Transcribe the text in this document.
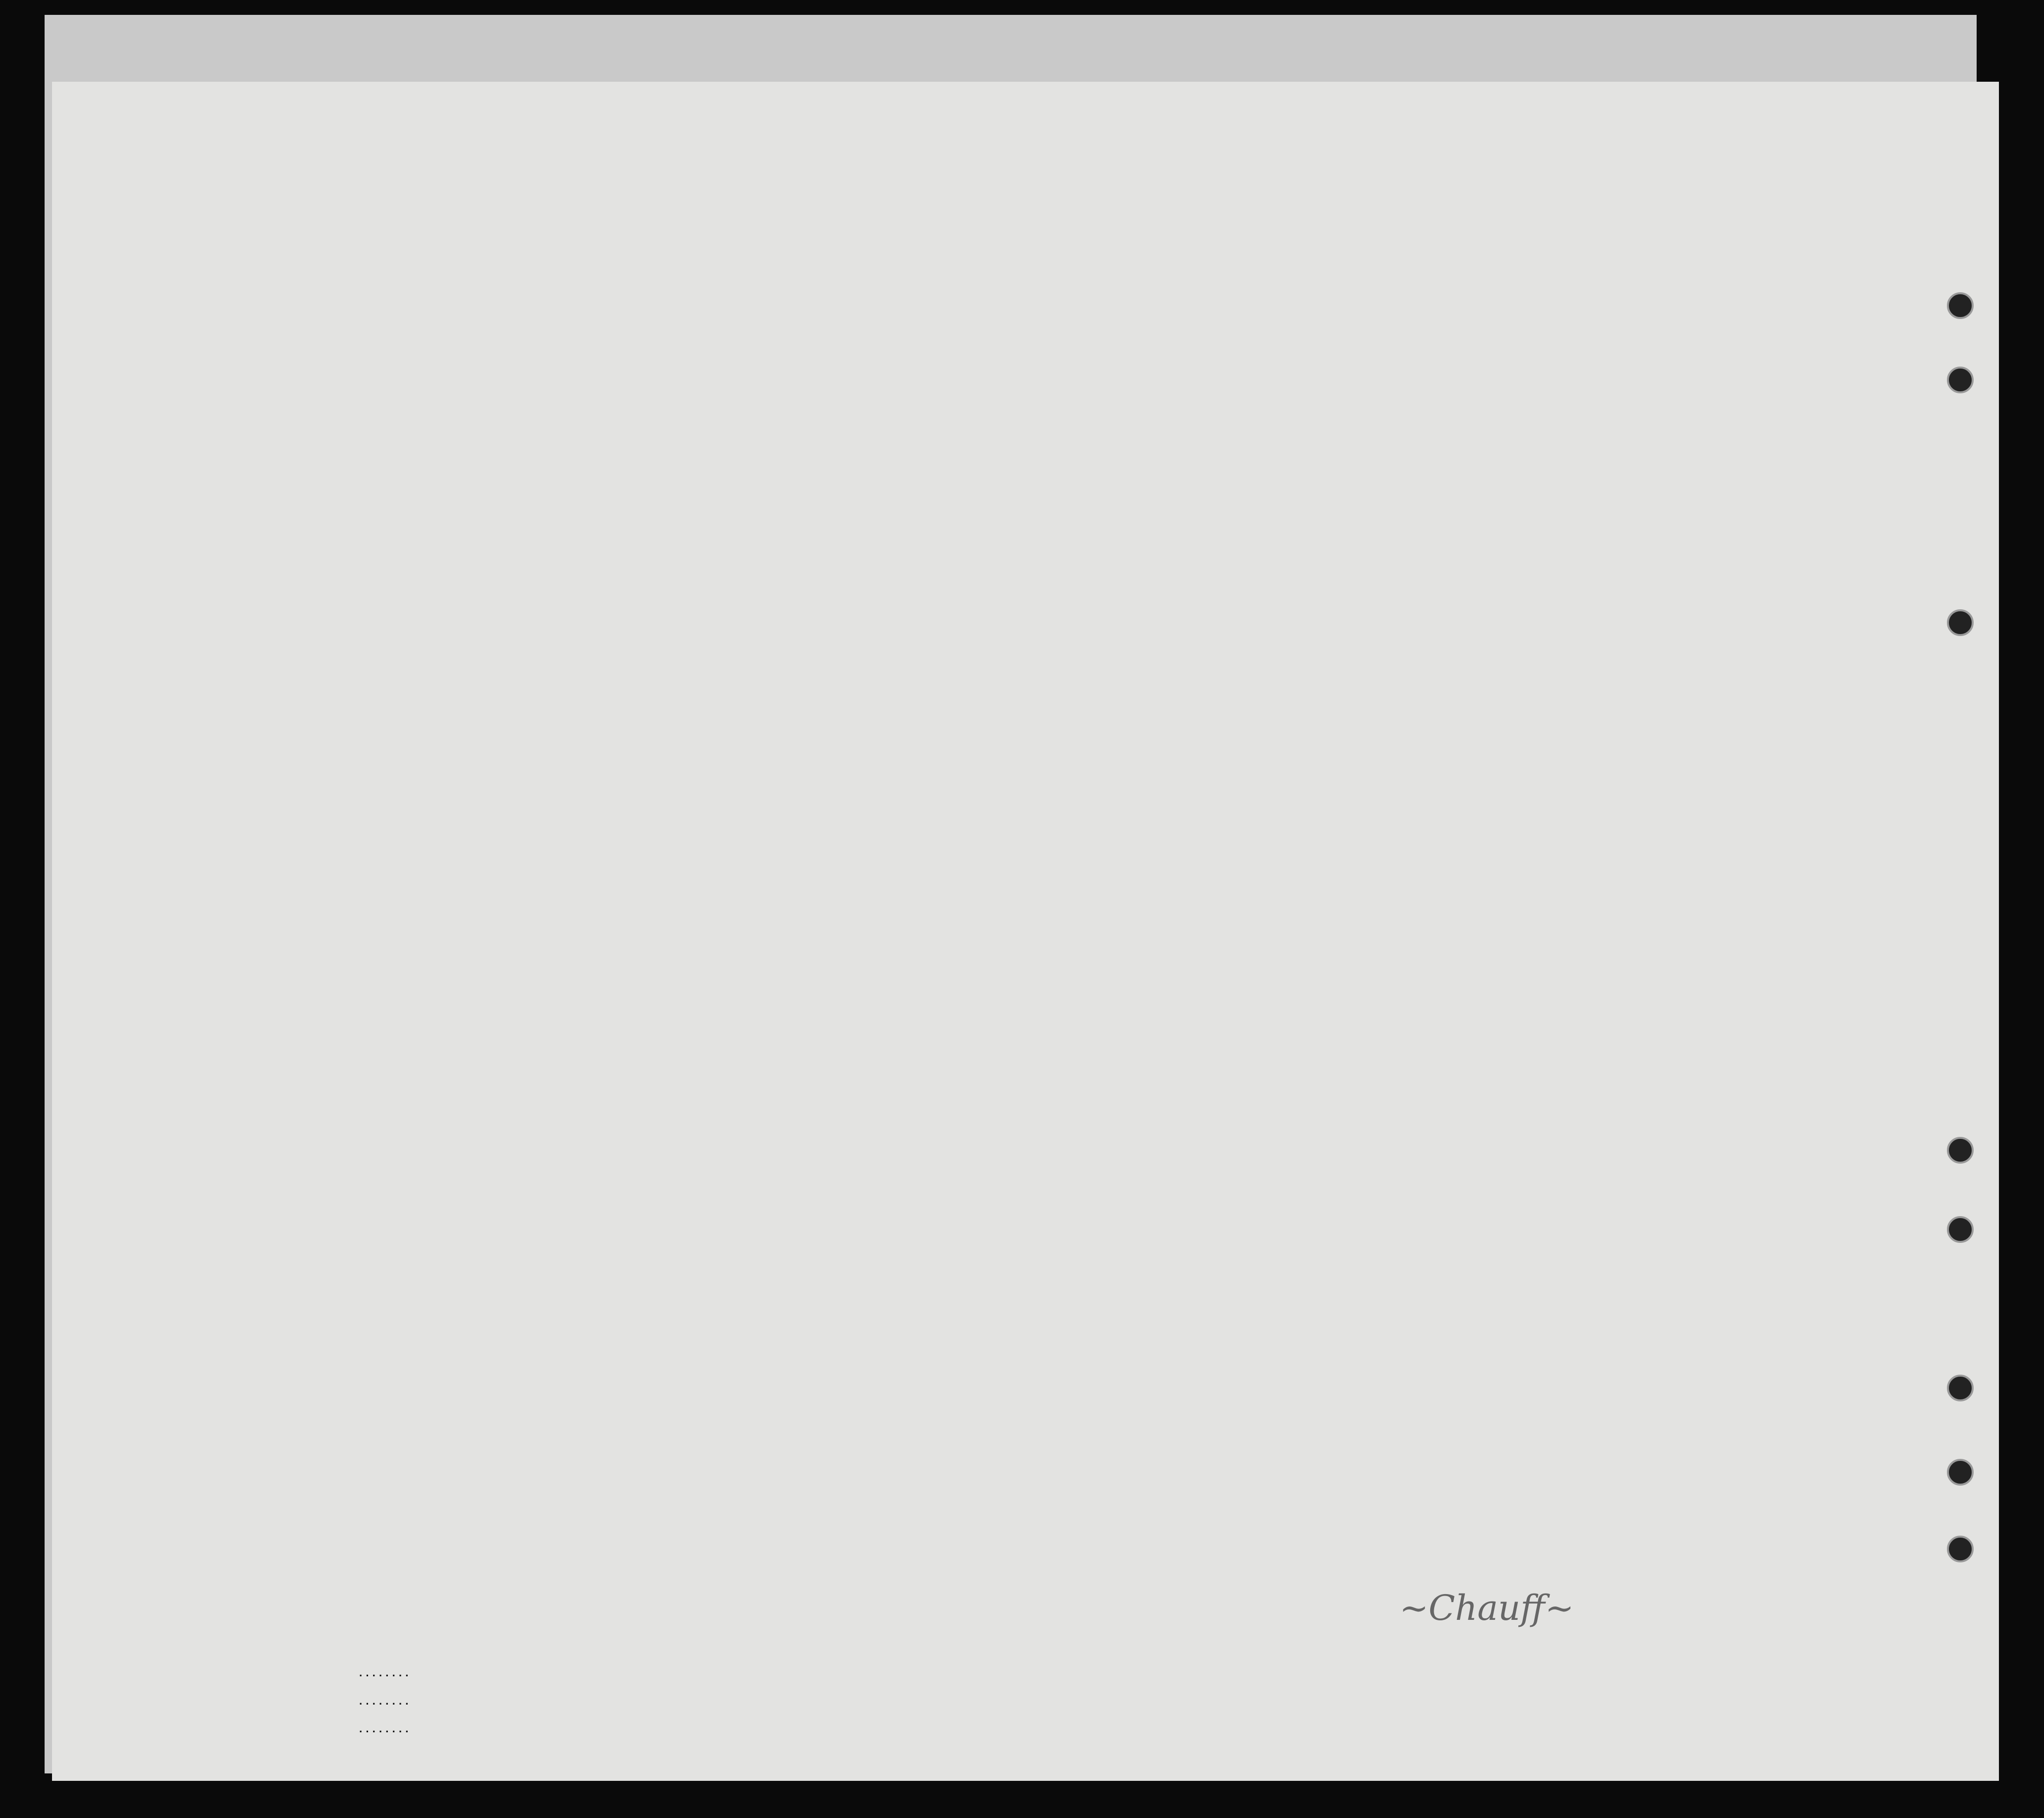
~Chauff~
········
········
········
